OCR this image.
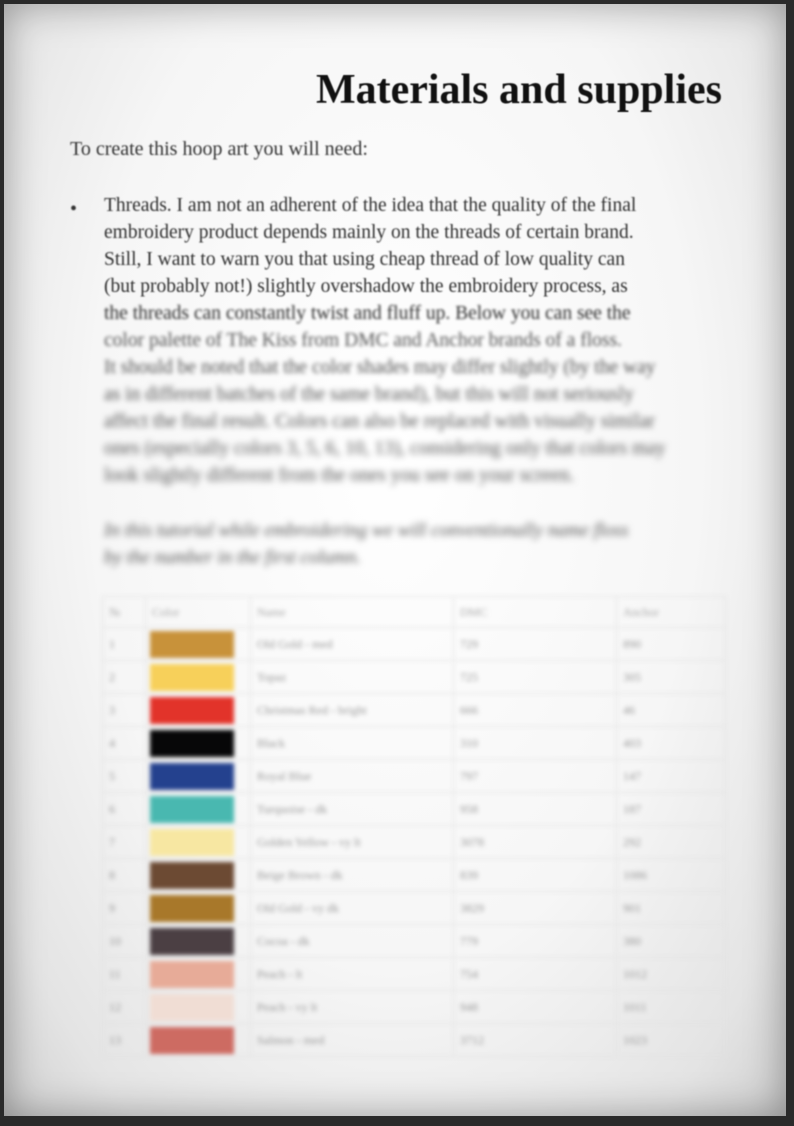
Materials and supplies
To create this hoop art you will need:
• Threads. I am not an adherent of the idea that the quality of the final
embroidery product depends mainly on the threads of certain brand.
Still, I want to warn you that using cheap thread of low quality can
(but probably not!) slightly overshadow the embroidery process, as
the threads can constantly twist and fluff up. Below you can see the
color palette of The Kiss from DMC and Anchor brands of a floss.
It should be noted that the color shades may differ slightly (by the way
as in different batches of the same brand), but this will not seriously
affect the final result. Colors can also be replaced with visually similar
ones (especially colors 3, 5, 6, 10, 13), considering only that colors may
look slightly different from the ones you see on your screen.
In this tutorial while embroidering we will conventionally name floss
by the number in the first column.
№	Color	Name	DMC	Anchor
1		Old Gold - med	729	890
2		Topaz	725	305
3		Christmas Red - bright	666	46
4		Black	310	403
5		Royal Blue	797	147
6		Turquoise - dk	958	187
7		Golden Yellow - vy lt	3078	292
8		Beige Brown - dk	839	1086
9		Old Gold - vy dk	3829	901
10		Cocoa - dk	779	380
11		Peach - lt	754	1012
12		Peach - vy lt	948	1011
13		Salmon - med	3712	1023
